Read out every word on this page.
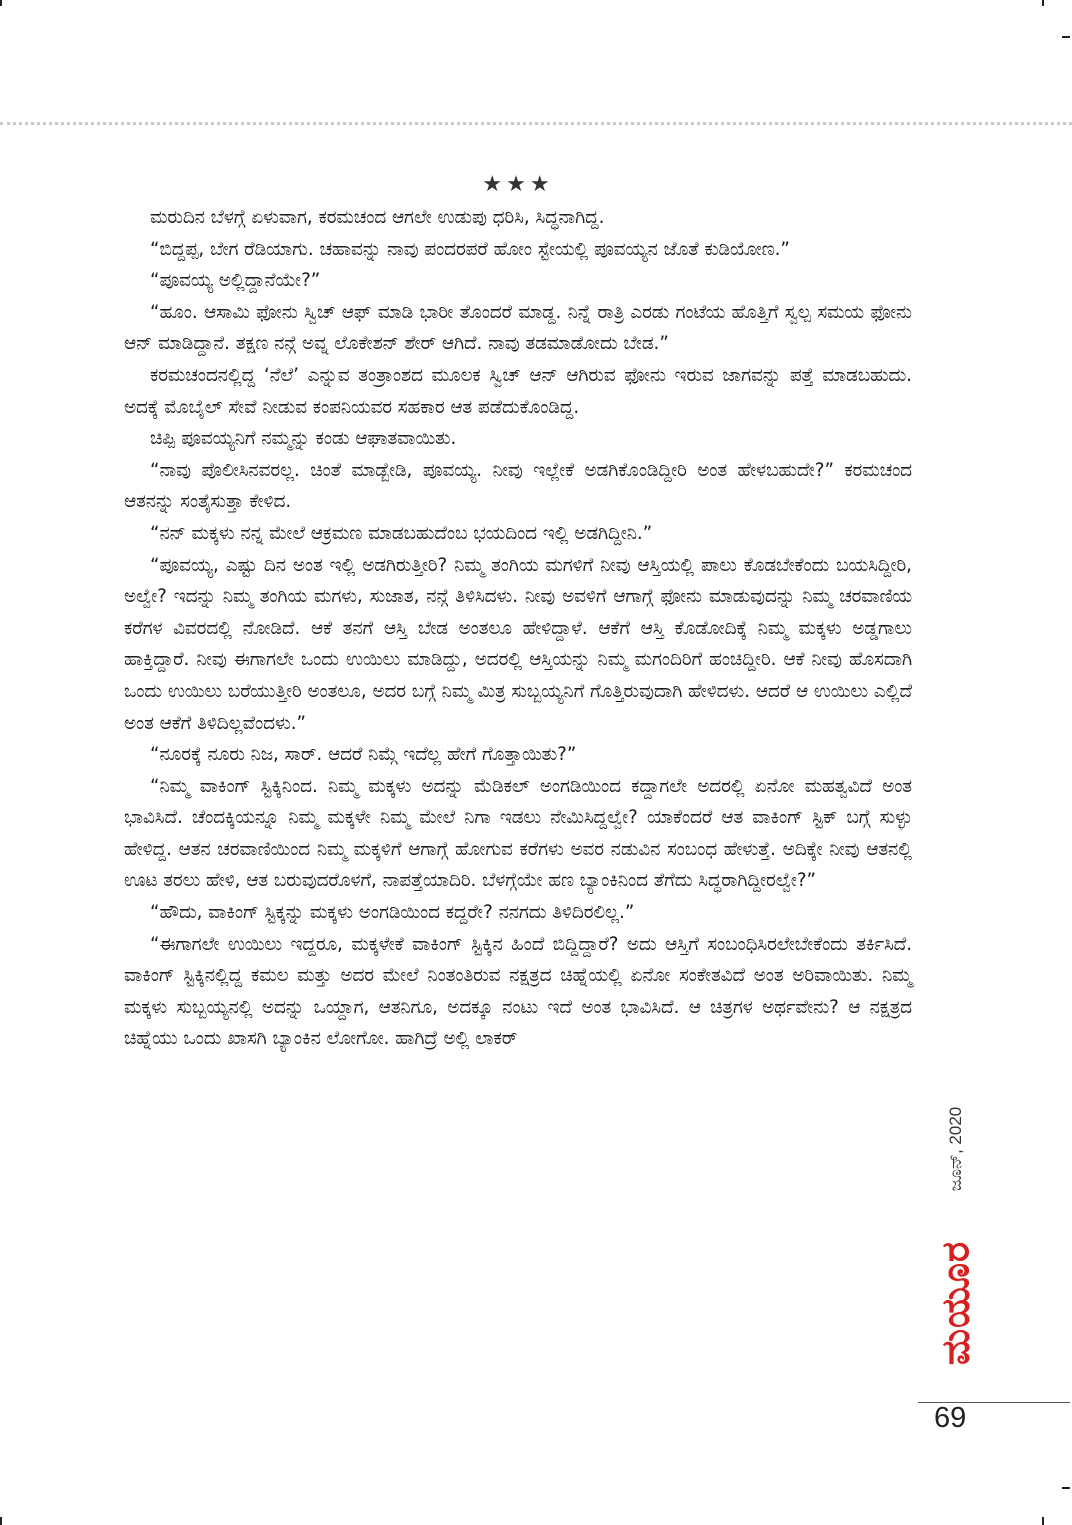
★★★

ಮರುದಿನ ಬೆಳಗ್ಗೆ ಏಳುವಾಗ, ಕರಮಚಂದ ಆಗಲೇ ಉಡುಪು ಧರಿಸಿ, ಸಿದ್ಧನಾಗಿದ್ದ.

“ಬಿದ್ದಪ್ಪ, ಬೇಗ ರೆಡಿಯಾಗು. ಚಹಾವನ್ನು ನಾವು ಪಂದರಪರೆ ಹೋಂ ಸ್ಟೇಯಲ್ಲಿ ಪೂವಯ್ಯನ ಜೊತೆ ಕುಡಿಯೋಣ.”

“ಪೂವಯ್ಯ ಅಲ್ಲಿದ್ದಾನೆಯೇ?”

“ಹೂಂ. ಆಸಾಮಿ ಫೋನು ಸ್ವಿಚ್ ಆಫ್ ಮಾಡಿ ಭಾರೀ ತೊಂದರೆ ಮಾಡ್ದ. ನಿನ್ನೆ ರಾತ್ರಿ ಎರಡು ಗಂಟೆಯ ಹೊತ್ತಿಗೆ ಸ್ವಲ್ಪ ಸಮಯ ಫೋನು ಆನ್ ಮಾಡಿದ್ದಾನೆ. ತಕ್ಷಣ ನನ್ಗೆ ಅವ್ನ ಲೊಕೇಶನ್ ಶೇರ್ ಆಗಿದೆ. ನಾವು ತಡಮಾಡೋದು ಬೇಡ.”

ಕರಮಚಂದನಲ್ಲಿದ್ದ ‘ನೆಲೆ’ ಎನ್ನುವ ತಂತ್ರಾಂಶದ ಮೂಲಕ ಸ್ವಿಚ್ ಆನ್ ಆಗಿರುವ ಫೋನು ಇರುವ ಜಾಗವನ್ನು ಪತ್ತೆ ಮಾಡಬಹುದು. ಅದಕ್ಕೆ ಮೊಬೈಲ್ ಸೇವೆ ನೀಡುವ ಕಂಪನಿಯವರ ಸಹಕಾರ ಆತ ಪಡೆದುಕೊಂಡಿದ್ದ.

ಚಿಪ್ಪಿ ಪೂವಯ್ಯನಿಗೆ ನಮ್ಮನ್ನು ಕಂಡು ಆಘಾತವಾಯಿತು.

“ನಾವು ಪೊಲೀಸಿನವರಲ್ಲ. ಚಿಂತೆ ಮಾಡ್ಬೇಡಿ, ಪೂವಯ್ಯ. ನೀವು ಇಲ್ಲೇಕೆ ಅಡಗಿಕೊಂಡಿದ್ದೀರಿ ಅಂತ ಹೇಳಬಹುದೇ?” ಕರಮಚಂದ ಆತನನ್ನು ಸಂತೈಸುತ್ತಾ ಕೇಳಿದ.

“ನನ್ ಮಕ್ಕಳು ನನ್ನ ಮೇಲೆ ಆಕ್ರಮಣ ಮಾಡಬಹುದೆಂಬ ಭಯದಿಂದ ಇಲ್ಲಿ ಅಡಗಿದ್ದೀನಿ.”

“ಪೂವಯ್ಯ, ಎಷ್ಟು ದಿನ ಅಂತ ಇಲ್ಲಿ ಅಡಗಿರುತ್ತೀರಿ? ನಿಮ್ಮ ತಂಗಿಯ ಮಗಳಿಗೆ ನೀವು ಆಸ್ತಿಯಲ್ಲಿ ಪಾಲು ಕೊಡಬೇಕೆಂದು ಬಯಸಿದ್ದೀರಿ, ಅಲ್ವೇ? ಇದನ್ನು ನಿಮ್ಮ ತಂಗಿಯ ಮಗಳು, ಸುಜಾತ, ನನ್ಗೆ ತಿಳಿಸಿದಳು. ನೀವು ಅವಳಿಗೆ ಆಗಾಗ್ಗೆ ಫೋನು ಮಾಡುವುದನ್ನು ನಿಮ್ಮ ಚರವಾಣಿಯ ಕರೆಗಳ ವಿವರದಲ್ಲಿ ನೋಡಿದೆ. ಆಕೆ ತನಗೆ ಆಸ್ತಿ ಬೇಡ ಅಂತಲೂ ಹೇಳಿದ್ದಾಳೆ. ಆಕೆಗೆ ಆಸ್ತಿ ಕೊಡೋದಿಕ್ಕೆ ನಿಮ್ಮ ಮಕ್ಕಳು ಅಡ್ಡಗಾಲು ಹಾಕ್ತಿದ್ದಾರೆ. ನೀವು ಈಗಾಗಲೇ ಒಂದು ಉಯಿಲು ಮಾಡಿದ್ದು, ಅದರಲ್ಲಿ ಆಸ್ತಿಯನ್ನು ನಿಮ್ಮ ಮಗಂದಿರಿಗೆ ಹಂಚಿದ್ದೀರಿ. ಆಕೆ ನೀವು ಹೊಸದಾಗಿ ಒಂದು ಉಯಿಲು ಬರೆಯುತ್ತೀರಿ ಅಂತಲೂ, ಅದರ ಬಗ್ಗೆ ನಿಮ್ಮ ಮಿತ್ರ ಸುಬ್ಬಯ್ಯನಿಗೆ ಗೊತ್ತಿರುವುದಾಗಿ ಹೇಳಿದಳು. ಆದರೆ ಆ ಉಯಿಲು ಎಲ್ಲಿದೆ ಅಂತ ಆಕೆಗೆ ತಿಳಿದಿಲ್ಲವೆಂದಳು.”

“ನೂರಕ್ಕೆ ನೂರು ನಿಜ, ಸಾರ್. ಆದರೆ ನಿಮ್ಗೆ ಇದೆಲ್ಲ ಹೇಗೆ ಗೊತ್ತಾಯಿತು?”

“ನಿಮ್ಮ ವಾಕಿಂಗ್ ಸ್ಟಿಕ್ಕಿನಿಂದ. ನಿಮ್ಮ ಮಕ್ಕಳು ಅದನ್ನು ಮೆಡಿಕಲ್ ಅಂಗಡಿಯಿಂದ ಕದ್ದಾಗಲೇ ಅದರಲ್ಲಿ ಏನೋ ಮಹತ್ವವಿದೆ ಅಂತ ಭಾವಿಸಿದೆ. ಚೆಂದಕ್ಕಿಯನ್ನೂ ನಿಮ್ಮ ಮಕ್ಕಳೇ ನಿಮ್ಮ ಮೇಲೆ ನಿಗಾ ಇಡಲು ನೇಮಿಸಿದ್ದಲ್ವೇ? ಯಾಕೆಂದರೆ ಆತ ವಾಕಿಂಗ್ ಸ್ಟಿಕ್ ಬಗ್ಗೆ ಸುಳ್ಳು ಹೇಳಿದ್ದ. ಆತನ ಚರವಾಣಿಯಿಂದ ನಿಮ್ಮ ಮಕ್ಕಳಿಗೆ ಆಗಾಗ್ಗೆ ಹೋಗುವ ಕರೆಗಳು ಅವರ ನಡುವಿನ ಸಂಬಂಧ ಹೇಳುತ್ತೆ. ಅದಿಕ್ಕೇ ನೀವು ಆತನಲ್ಲಿ ಊಟ ತರಲು ಹೇಳಿ, ಆತ ಬರುವುದರೊಳಗೆ, ನಾಪತ್ತೆಯಾದಿರಿ. ಬೆಳಗ್ಗೆಯೇ ಹಣ ಬ್ಯಾಂಕಿನಿಂದ ತೆಗೆದು ಸಿದ್ಧರಾಗಿದ್ದೀರಲ್ವೇ?”

“ಹೌದು, ವಾಕಿಂಗ್ ಸ್ಟಿಕ್ಕನ್ನು ಮಕ್ಕಳು ಅಂಗಡಿಯಿಂದ ಕದ್ದರೇ? ನನಗದು ತಿಳಿದಿರಲಿಲ್ಲ.”

“ಈಗಾಗಲೇ ಉಯಿಲು ಇದ್ದರೂ, ಮಕ್ಕಳೇಕೆ ವಾಕಿಂಗ್ ಸ್ಟಿಕ್ಕಿನ ಹಿಂದೆ ಬಿದ್ದಿದ್ದಾರೆ? ಅದು ಆಸ್ತಿಗೆ ಸಂಬಂಧಿಸಿರಲೇಬೇಕೆಂದು ತರ್ಕಿಸಿದೆ. ವಾಕಿಂಗ್ ಸ್ಟಿಕ್ಕಿನಲ್ಲಿದ್ದ ಕಮಲ ಮತ್ತು ಅದರ ಮೇಲೆ ನಿಂತಂತಿರುವ ನಕ್ಷತ್ರದ ಚಿಹ್ನೆಯಲ್ಲಿ ಏನೋ ಸಂಕೇತವಿದೆ ಅಂತ ಅರಿವಾಯಿತು. ನಿಮ್ಮ ಮಕ್ಕಳು ಸುಬ್ಬಯ್ಯನಲ್ಲಿ ಅದನ್ನು ಒಯ್ದಾಗ, ಆತನಿಗೂ, ಅದಕ್ಕೂ ನಂಟು ಇದೆ ಅಂತ ಭಾವಿಸಿದೆ. ಆ ಚಿತ್ರಗಳ ಅರ್ಥವೇನು? ಆ ನಕ್ಷತ್ರದ ಚಿಹ್ನೆಯು ಒಂದು ಖಾಸಗಿ ಬ್ಯಾಂಕಿನ ಲೋಗೋ. ಹಾಗಿದ್ರೆ ಅಲ್ಲಿ ಲಾಕರ್

ಜೂನ್, 2020
ಮಯೂರ
69
